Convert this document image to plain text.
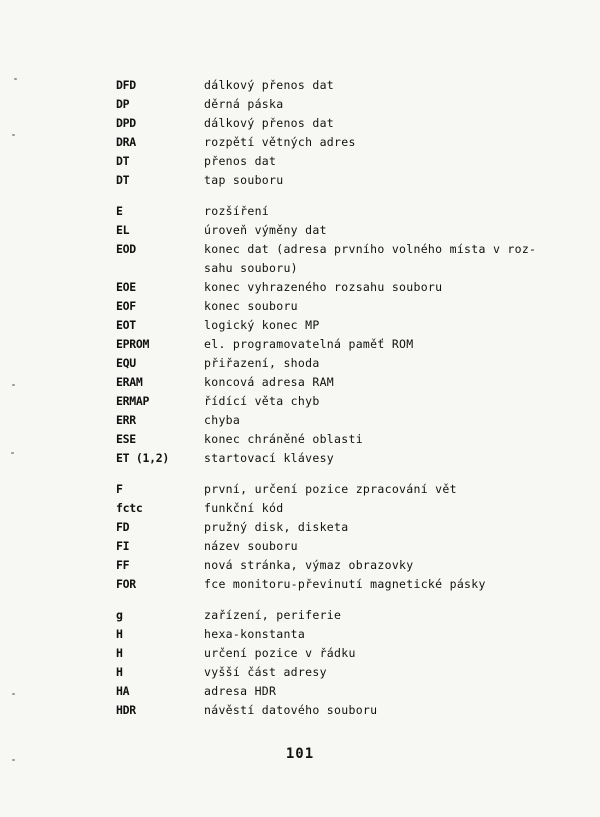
DFD	dálkový přenos dat
DP	děrná páska
DPD	dálkový přenos dat
DRA	rozpětí větných adres
DT	přenos dat
DT	tap souboru
E	rozšíření
EL	úroveň výměny dat
EOD	konec dat (adresa prvního volného místa v roz-
sahu souboru)
EOE	konec vyhrazeného rozsahu souboru
EOF	konec souboru
EOT	logický konec MP
EPROM	el. programovatelná paměť ROM
EQU	přiřazení, shoda
ERAM	koncová adresa RAM
ERMAP	řídící věta chyb
ERR	chyba
ESE	konec chráněné oblasti
ET (1,2)	startovací klávesy
F	první, určení pozice zpracování vět
fctc	funkční kód
FD	pružný disk, disketa
FI	název souboru
FF	nová stránka, výmaz obrazovky
FOR	fce monitoru-převinutí magnetické pásky
g	zařízení, periferie
H	hexa-konstanta
H	určení pozice v řádku
H	vyšší část adresy
HA	adresa HDR
HDR	návěstí datového souboru
101
